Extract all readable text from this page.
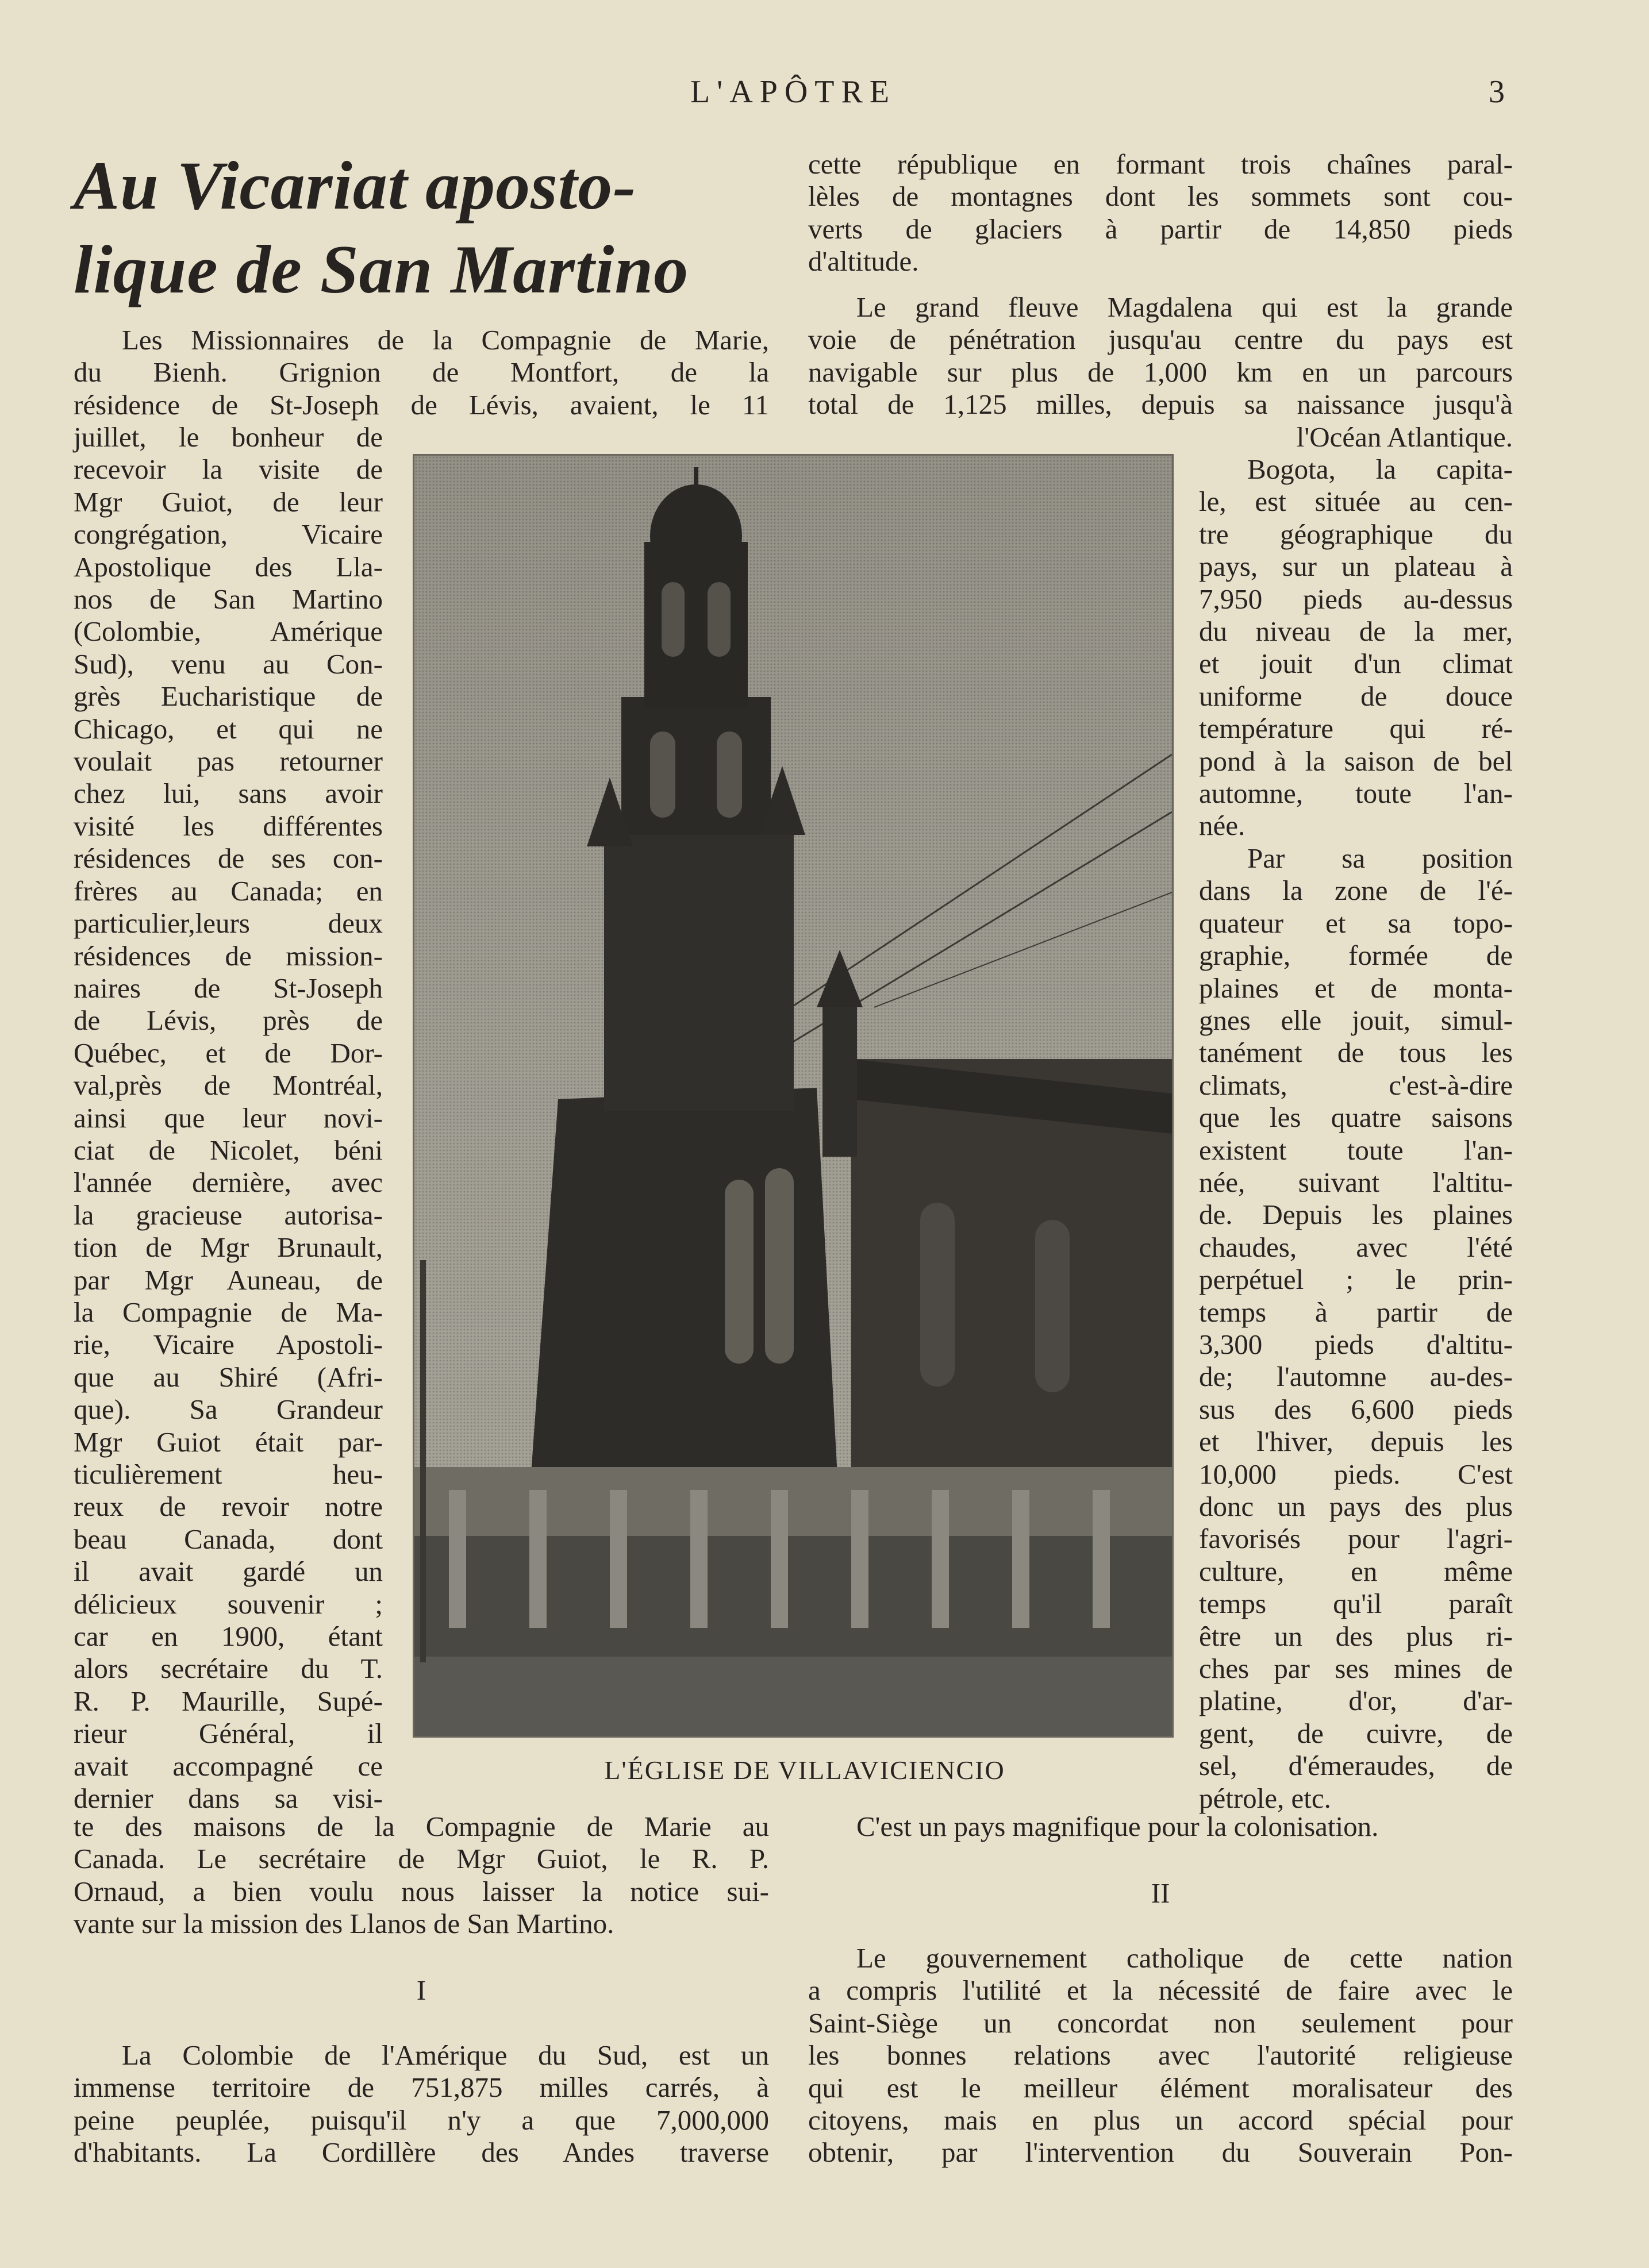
L'APÔTRE	3
Au Vicariat aposto-
lique de San Martino

Les Missionnaires de la Compagnie de Marie,

du Bienh. Grignion de Montfort, de la

résidence de St-Joseph de Lévis, avaient, le 11

juillet, le bonheur de

recevoir la visite de

Mgr Guiot, de leur

congrégation, Vicaire

Apostolique des Lla-

nos de San Martino

(Colombie, Amérique

Sud), venu au Con-

grès Eucharistique de

Chicago, et qui ne

voulait pas retourner

chez lui, sans avoir

visité les différentes

résidences de ses con-

frères au Canada; en

particulier,leurs deux

résidences de mission-

naires de St-Joseph

de Lévis, près de

Québec, et de Dor-

val,près de Montréal,

ainsi que leur novi-

ciat de Nicolet, béni

l'année dernière, avec

la gracieuse autorisa-

tion de Mgr Brunault,

par Mgr Auneau, de

la Compagnie de Ma-

rie, Vicaire Apostoli-

que au Shiré (Afri-

que). Sa Grandeur

Mgr Guiot était par-

ticulièrement heu-

reux de revoir notre

beau Canada, dont

il avait gardé un

délicieux souvenir ;

car en 1900, étant

alors secrétaire du T.

R. P. Maurille, Supé-

rieur Général, il

avait accompagné ce

dernier dans sa visi-

te des maisons de la Compagnie de Marie au

Canada. Le secrétaire de Mgr Guiot, le R. P.

Ornaud, a bien voulu nous laisser la notice sui-

vante sur la mission des Llanos de San Martino.

I

La Colombie de l'Amérique du Sud, est un

immense territoire de 751,875 milles carrés, à

peine peuplée, puisqu'il n'y a que 7,000,000

d'habitants. La Cordillère des Andes traverse

cette république en formant trois chaînes paral-

lèles de montagnes dont les sommets sont cou-

verts de glaciers à partir de 14,850 pieds

d'altitude.

Le grand fleuve Magdalena qui est la grande

voie de pénétration jusqu'au centre du pays est

navigable sur plus de 1,000 km en un parcours

total de 1,125 milles, depuis sa naissance jusqu'à

l'Océan Atlantique.

Bogota, la capita-

le, est située au cen-

tre géographique du

pays, sur un plateau à

7,950 pieds au-dessus

du niveau de la mer,

et jouit d'un climat

uniforme de douce

température qui ré-

pond à la saison de bel

automne, toute l'an-

née.

Par sa position

dans la zone de l'é-

quateur et sa topo-

graphie, formée de

plaines et de monta-

gnes elle jouit, simul-

tanément de tous les

climats, c'est-à-dire

que les quatre saisons

existent toute l'an-

née, suivant l'altitu-

de. Depuis les plaines

chaudes, avec l'été

perpétuel ; le prin-

temps à partir de

3,300 pieds d'altitu-

de; l'automne au-des-

sus des 6,600 pieds

et l'hiver, depuis les

10,000 pieds. C'est

donc un pays des plus

favorisés pour l'agri-

culture, en même

temps qu'il paraît

être un des plus ri-

ches par ses mines de

platine, d'or, d'ar-

gent, de cuivre, de

sel, d'émeraudes, de

pétrole, etc.

C'est un pays magnifique pour la colonisation.

II

Le gouvernement catholique de cette nation

a compris l'utilité et la nécessité de faire avec le

Saint-Siège un concordat non seulement pour

les bonnes relations avec l'autorité religieuse

qui est le meilleur élément moralisateur des

citoyens, mais en plus un accord spécial pour

obtenir, par l'intervention du Souverain Pon-

L'ÉGLISE DE VILLAVICIENCIO
